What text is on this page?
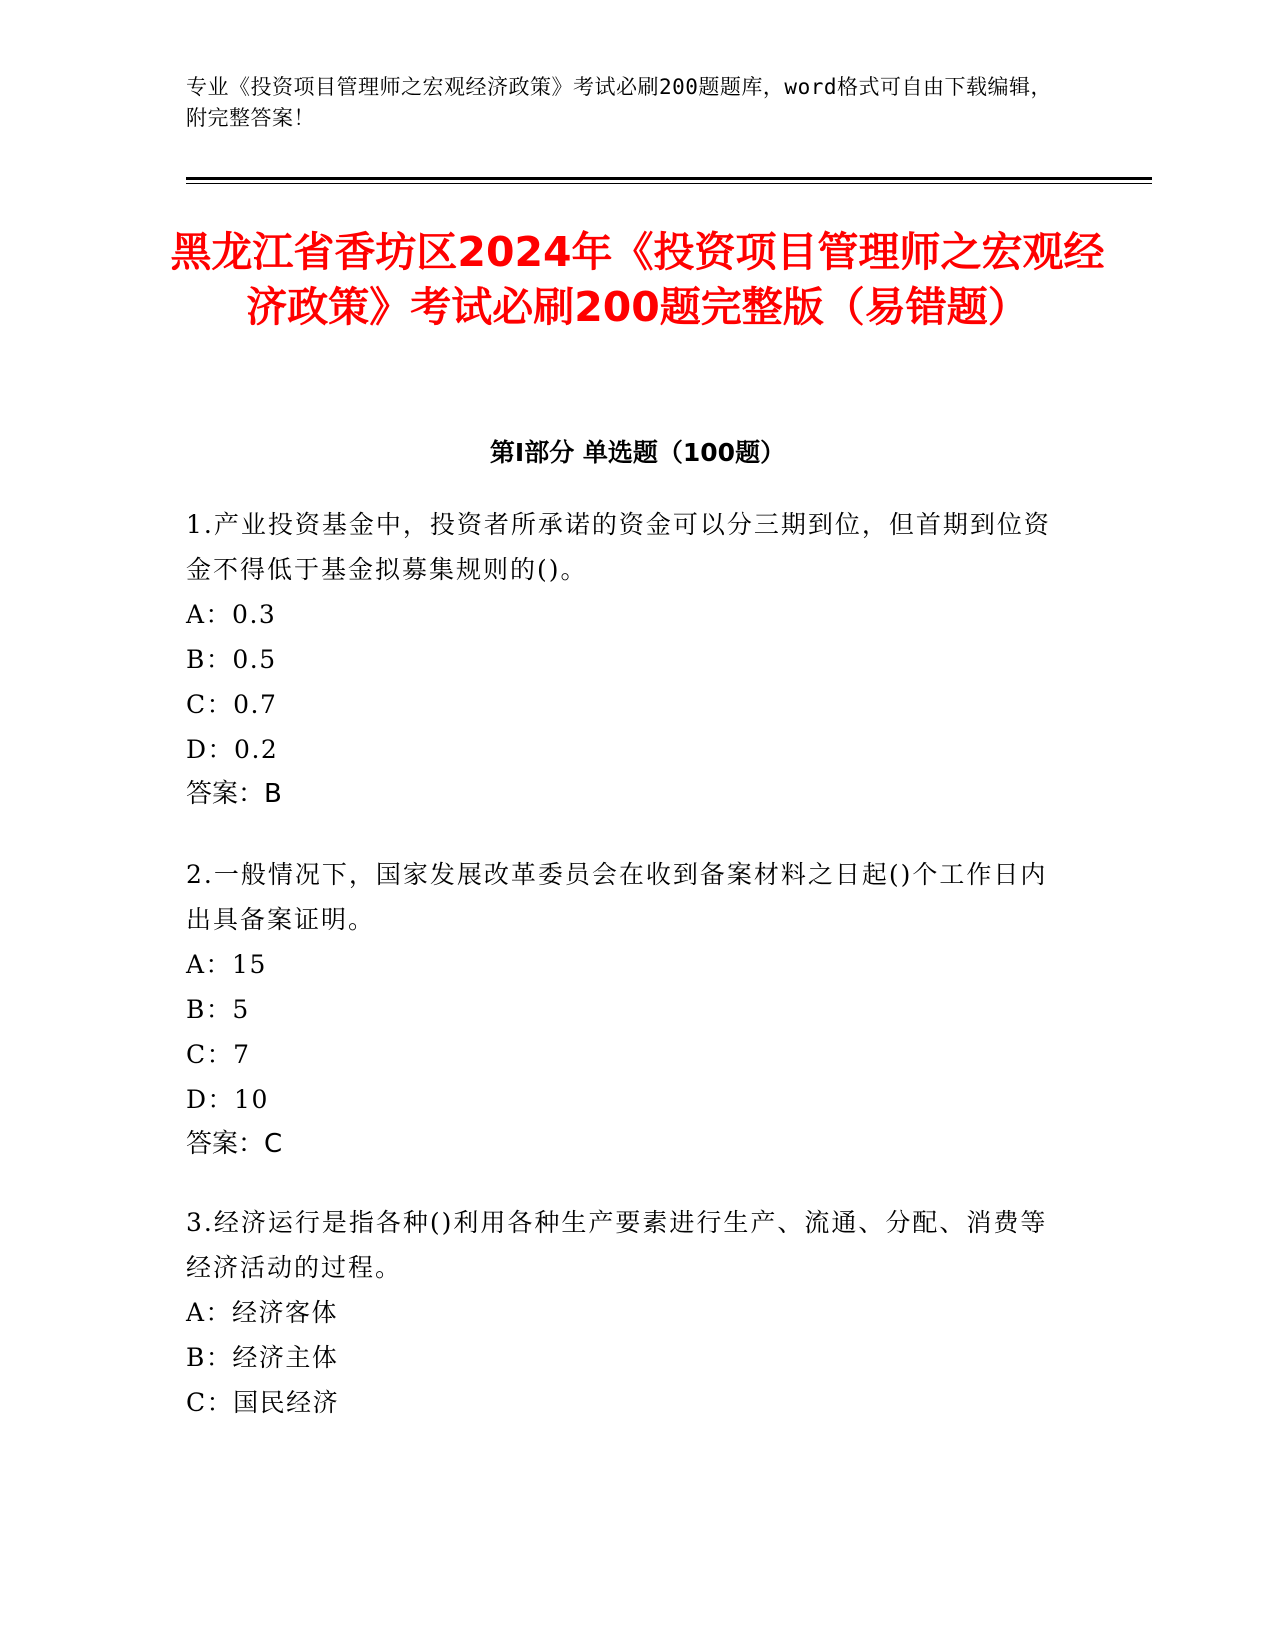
专业《投资项目管理师之宏观经济政策》考试必刷200题题库，word格式可自由下载编辑，附完整答案！
黑龙江省香坊区2024年《投资项目管理师之宏观经济政策》考试必刷200题完整版（易错题）
第Ⅰ部分 单选题（100题）

1.产业投资基金中，投资者所承诺的资金可以分三期到位，但首期到位资金不得低于基金拟募集规则的()。

A：0.3
B：0.5
C：0.7
D：0.2
答案：B

2.一般情况下，国家发展改革委员会在收到备案材料之日起()个工作日内出具备案证明。

A：15
B：5
C：7
D：10
答案：C

3.经济运行是指各种()利用各种生产要素进行生产、流通、分配、消费等经济活动的过程。

A：经济客体
B：经济主体
C：国民经济
